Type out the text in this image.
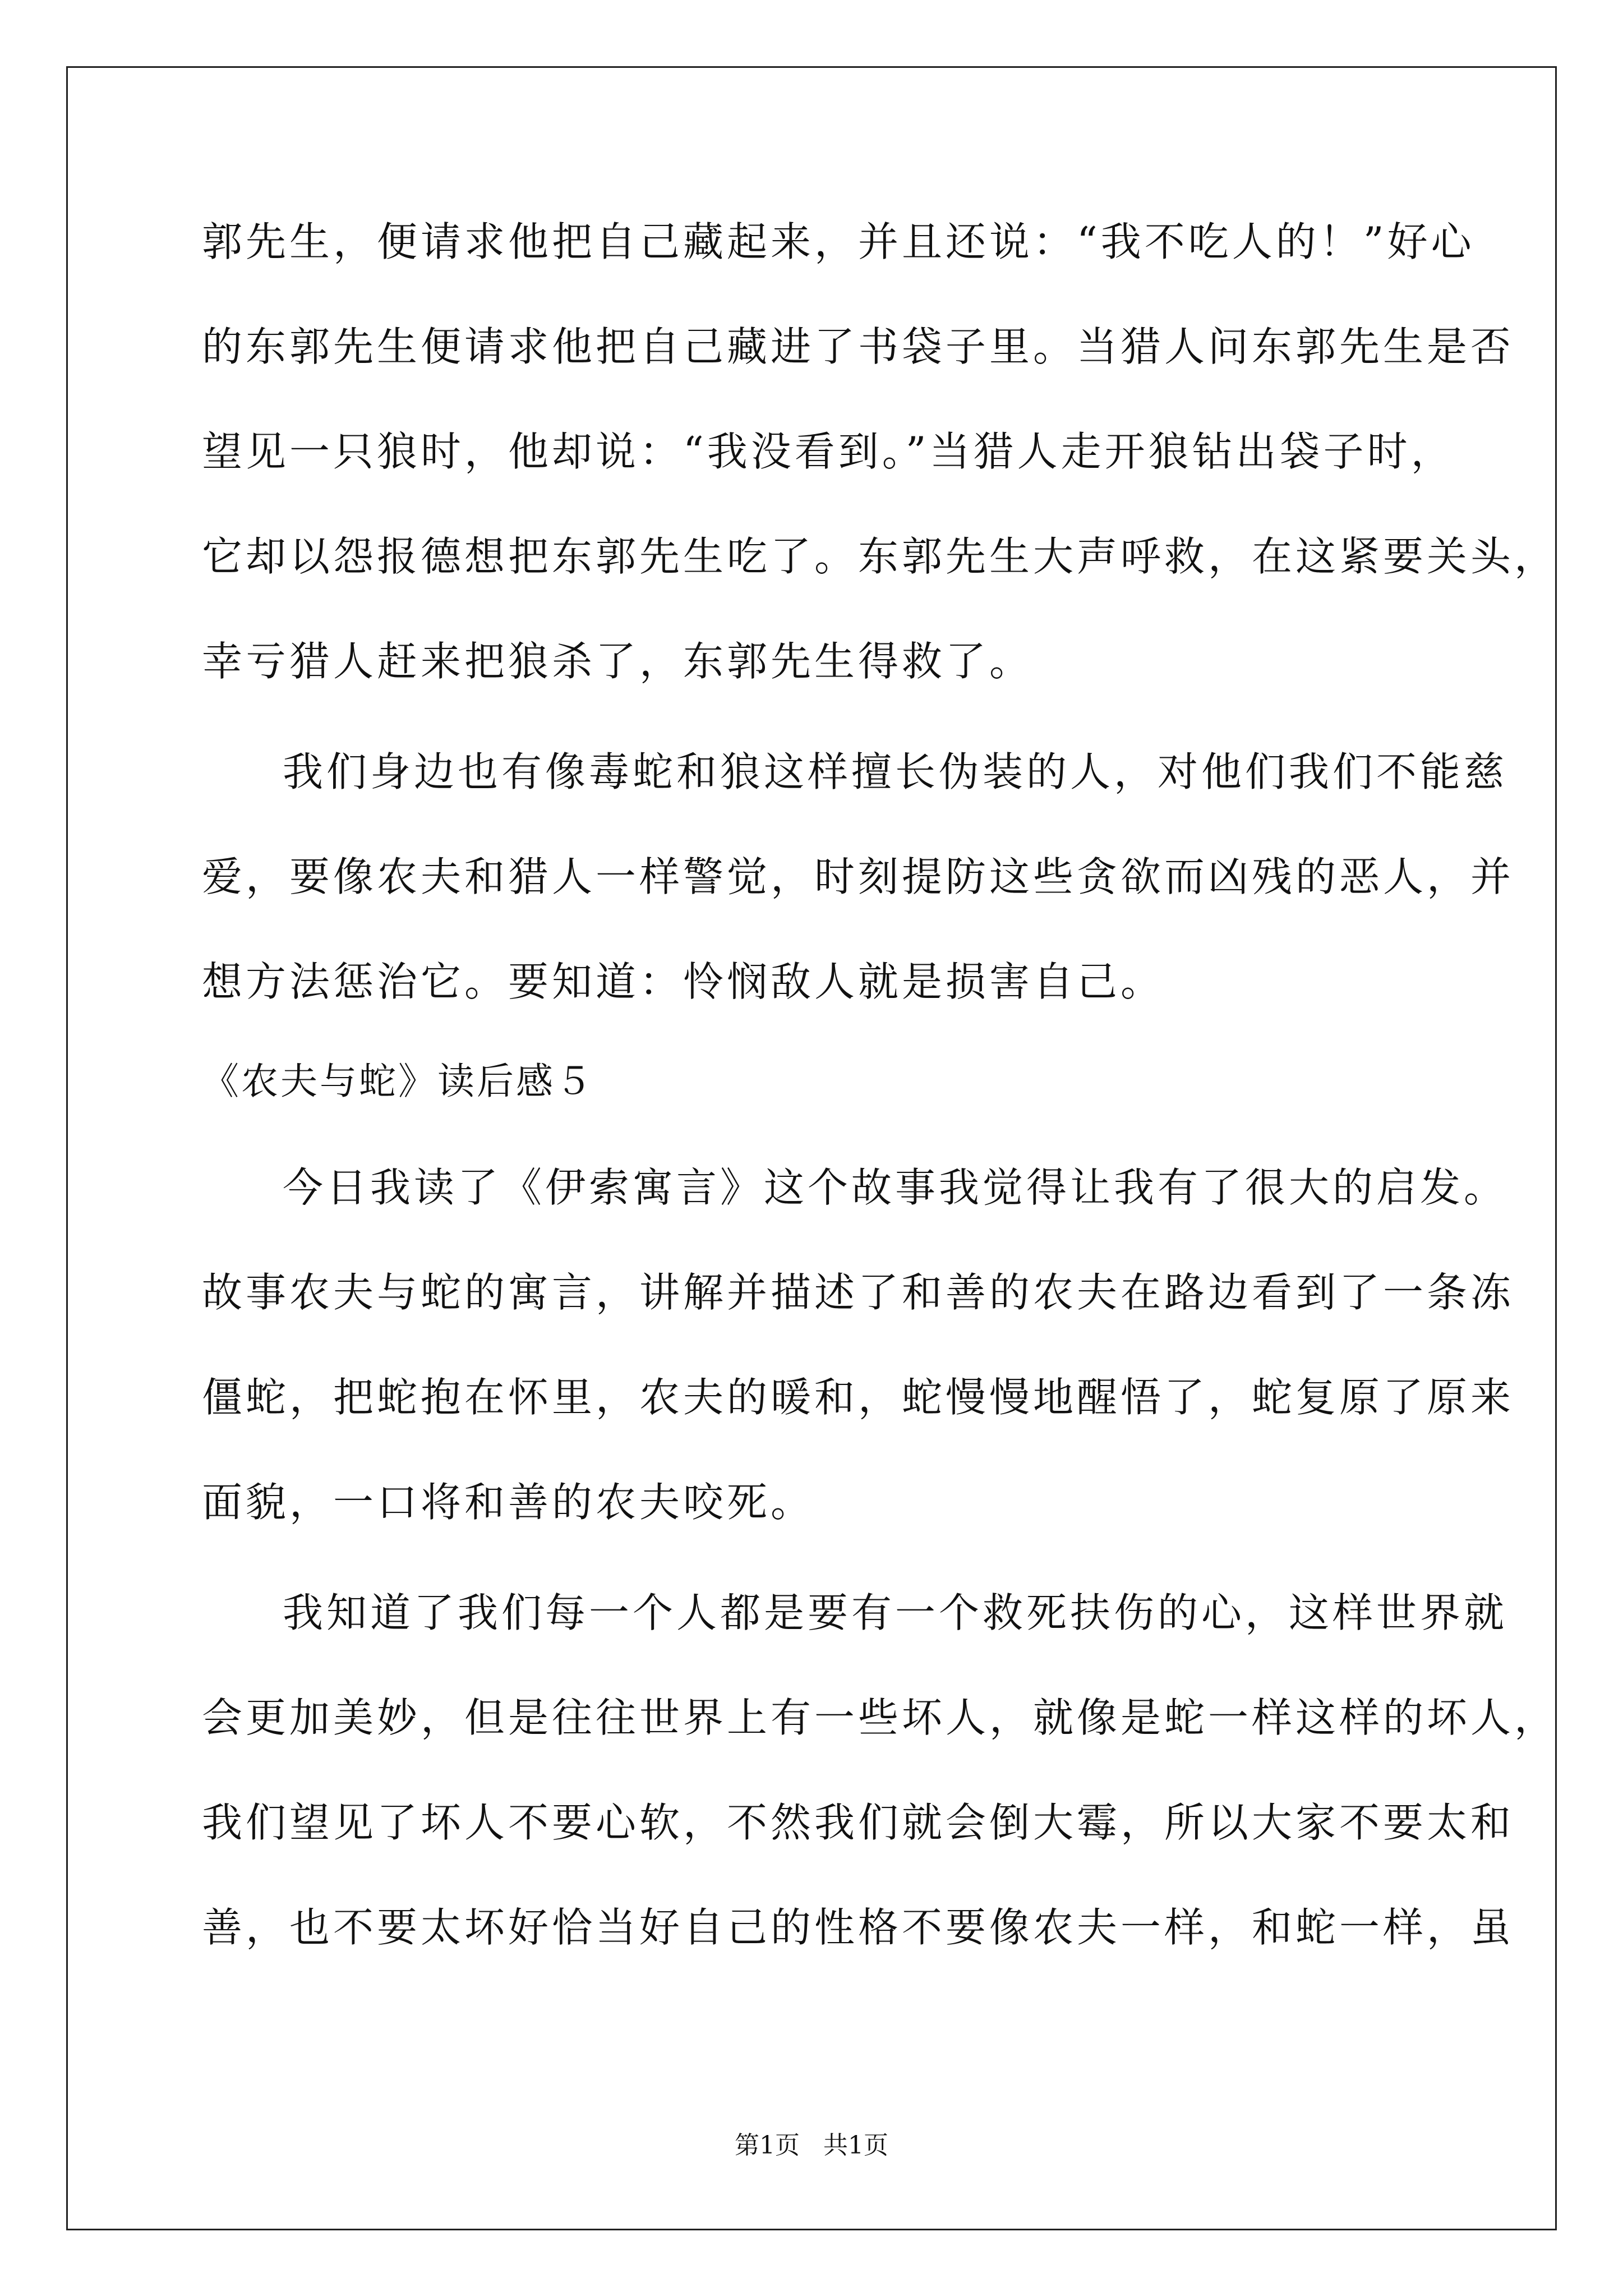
郭先生，便请求他把自己藏起来，并且还说：“我不吃人的！”好心
的东郭先生便请求他把自己藏进了书袋子里。当猎人问东郭先生是否
望见一只狼时，他却说：“我没看到。”当猎人走开狼钻出袋子时，
它却以怨报德想把东郭先生吃了。东郭先生大声呼救，在这紧要关头，
幸亏猎人赶来把狼杀了，东郭先生得救了。
我们身边也有像毒蛇和狼这样擅长伪装的人，对他们我们不能慈
爱，要像农夫和猎人一样警觉，时刻提防这些贪欲而凶残的恶人，并
想方法惩治它。要知道：怜悯敌人就是损害自己。
《农夫与蛇》读后感５
今日我读了《伊索寓言》这个故事我觉得让我有了很大的启发。
故事农夫与蛇的寓言，讲解并描述了和善的农夫在路边看到了一条冻
僵蛇，把蛇抱在怀里，农夫的暖和，蛇慢慢地醒悟了，蛇复原了原来
面貌，一口将和善的农夫咬死。
我知道了我们每一个人都是要有一个救死扶伤的心，这样世界就
会更加美妙，但是往往世界上有一些坏人，就像是蛇一样这样的坏人，
我们望见了坏人不要心软，不然我们就会倒大霉，所以大家不要太和
善，也不要太坏好恰当好自己的性格不要像农夫一样，和蛇一样，虽
第1页 共1页
